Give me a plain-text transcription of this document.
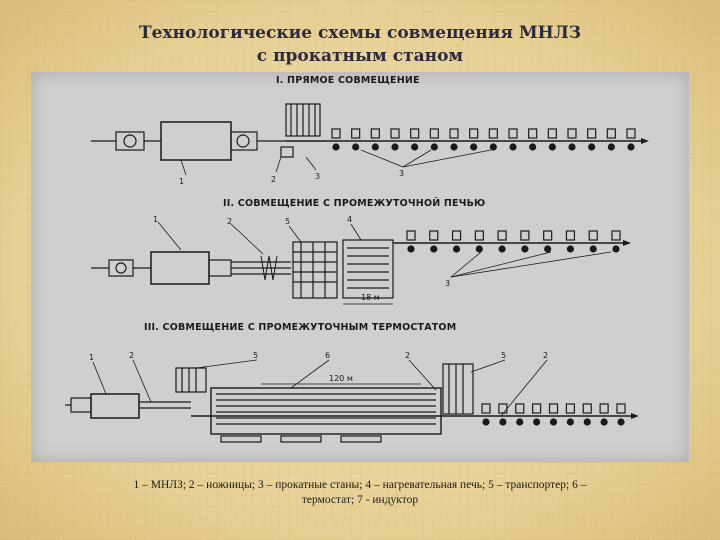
Технологические схемы совмещения МНЛЗ
с прокатным станом
I. ПРЯМОЕ СОВМЕЩЕНИЕ
1	2	3	3
II. СОВМЕЩЕНИЕ С ПРОМЕЖУТОЧНОЙ ПЕЧЬЮ
18 м
1	2	5	4
3
III. СОВМЕЩЕНИЕ С ПРОМЕЖУТОЧНЫМ ТЕРМОСТАТОМ
120 м
1	2	5	6	2	5	2
1 – МНЛЗ; 2 – ножницы; 3 – прокатные станы; 4 – нагревательная печь; 5 – транспортер; 6 –
термостат; 7 - индуктор
